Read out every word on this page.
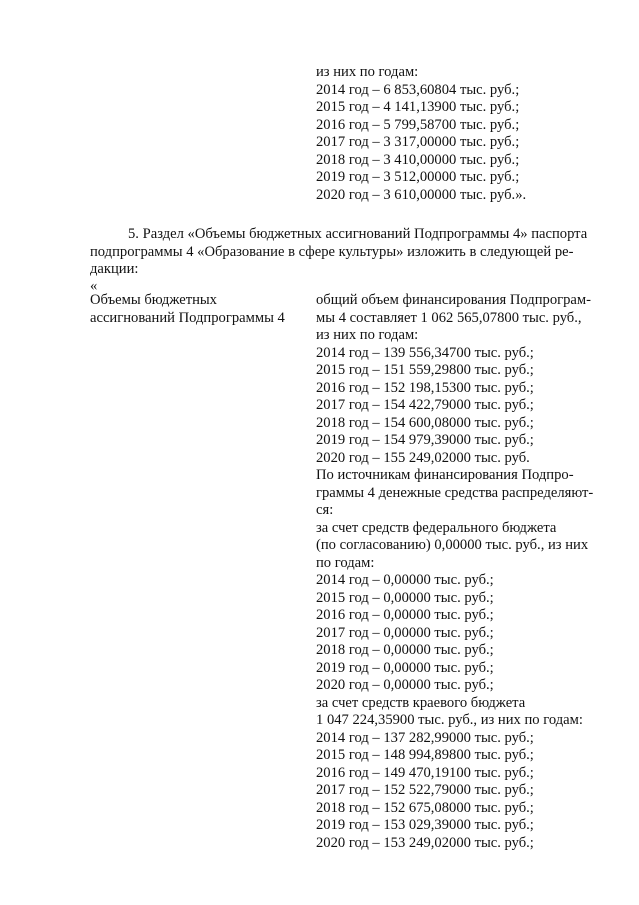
из них по годам:
2014 год – 6 853,60804 тыс. руб.;
2015 год – 4 141,13900 тыс. руб.;
2016 год – 5 799,58700 тыс. руб.;
2017 год – 3 317,00000 тыс. руб.;
2018 год – 3 410,00000 тыс. руб.;
2019 год – 3 512,00000 тыс. руб.;
2020 год – 3 610,00000 тыс. руб.».
5. Раздел «Объемы бюджетных ассигнований Подпрограммы 4» паспорта
подпрограммы 4 «Образование в сфере культуры» изложить в следующей ре-
дакции:
«
Объемы бюджетных
ассигнований Подпрограммы 4
общий объем финансирования Подпрограм-
мы 4 составляет 1 062 565,07800 тыс. руб.,
из них по годам:
2014 год – 139 556,34700 тыс. руб.;
2015 год – 151 559,29800 тыс. руб.;
2016 год – 152 198,15300 тыс. руб.;
2017 год – 154 422,79000 тыс. руб.;
2018 год – 154 600,08000 тыс. руб.;
2019 год – 154 979,39000 тыс. руб.;
2020 год – 155 249,02000 тыс. руб.
По источникам финансирования Подпро-
граммы 4 денежные средства распределяют-
ся:
за счет средств федерального бюджета
(по согласованию) 0,00000 тыс. руб., из них
по годам:
2014 год – 0,00000 тыс. руб.;
2015 год – 0,00000 тыс. руб.;
2016 год – 0,00000 тыс. руб.;
2017 год – 0,00000 тыс. руб.;
2018 год – 0,00000 тыс. руб.;
2019 год – 0,00000 тыс. руб.;
2020 год – 0,00000 тыс. руб.;
за счет средств краевого бюджета
1 047 224,35900 тыс. руб., из них по годам:
2014 год – 137 282,99000 тыс. руб.;
2015 год – 148 994,89800 тыс. руб.;
2016 год – 149 470,19100 тыс. руб.;
2017 год – 152 522,79000 тыс. руб.;
2018 год – 152 675,08000 тыс. руб.;
2019 год – 153 029,39000 тыс. руб.;
2020 год – 153 249,02000 тыс. руб.;
